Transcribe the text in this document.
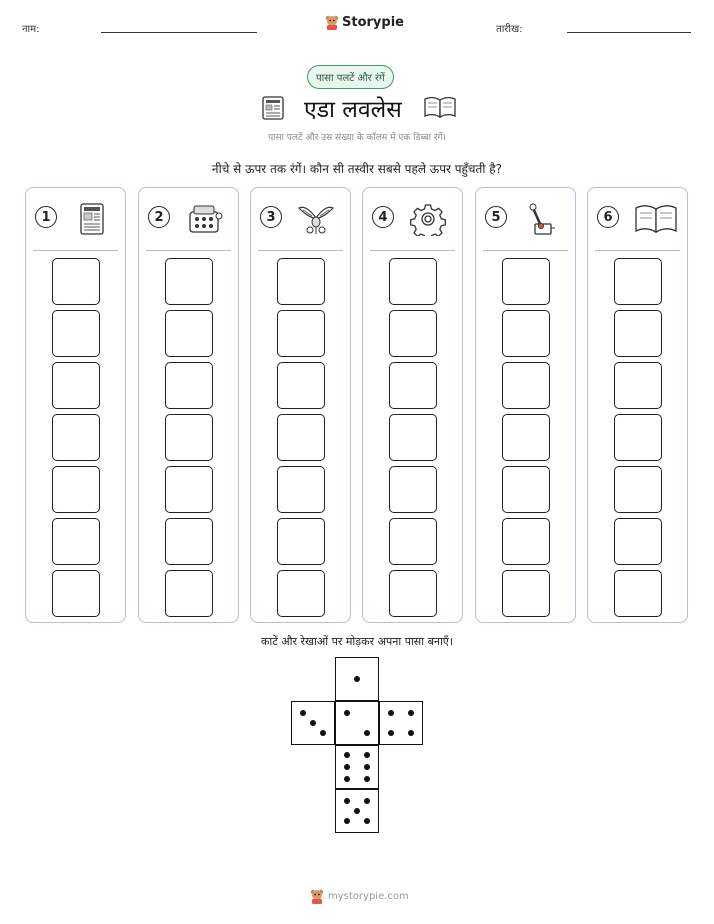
नाम:	Storypie	तारीख:
पासा पलटें और रंगें
एडा लवलेस
पासा पलटें और उस संख्या के कॉलम में एक डिब्बा रंगें।
नीचे से ऊपर तक रंगें। कौन सी तस्वीर सबसे पहले ऊपर पहुँचती है?
1	2	3	4	5	6
काटें और रेखाओं पर मोड़कर अपना पासा बनाएँ।
mystorypie.com
